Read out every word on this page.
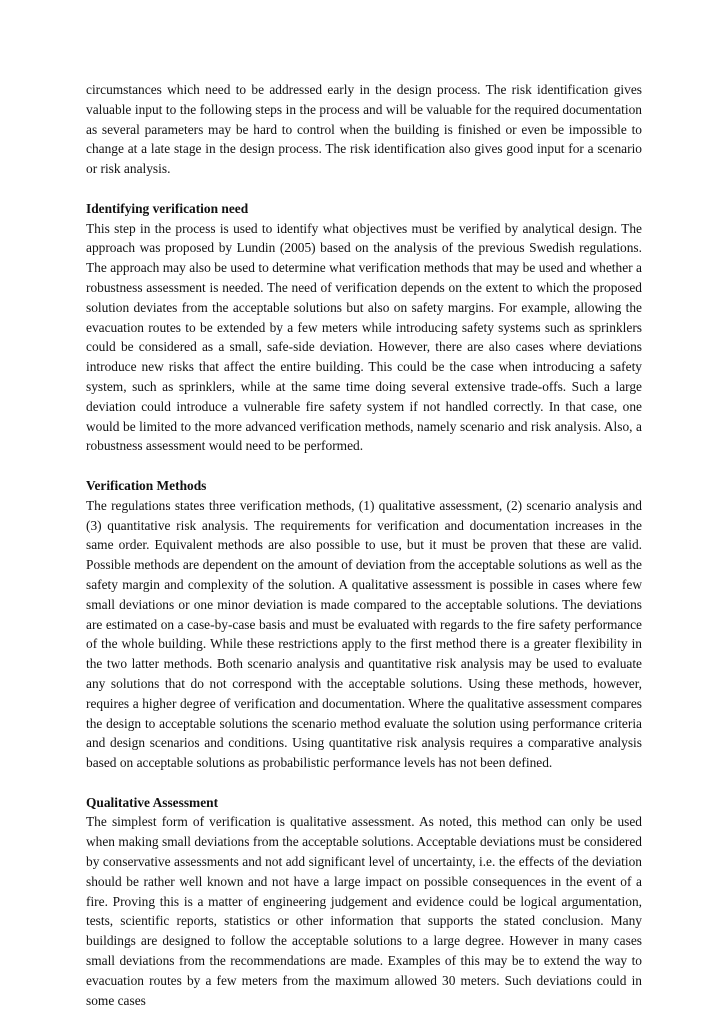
circumstances which need to be addressed early in the design process. The risk identification gives valuable input to the following steps in the process and will be valuable for the required documentation as several parameters may be hard to control when the building is finished or even be impossible to change at a late stage in the design process. The risk identification also gives good input for a scenario or risk analysis.

Identifying verification need

This step in the process is used to identify what objectives must be verified by analytical design. The approach was proposed by Lundin (2005) based on the analysis of the previous Swedish regulations. The approach may also be used to determine what verification methods that may be used and whether a robustness assessment is needed. The need of verification depends on the extent to which the proposed solution deviates from the acceptable solutions but also on safety margins. For example, allowing the evacuation routes to be extended by a few meters while introducing safety systems such as sprinklers could be considered as a small, safe-side deviation. However, there are also cases where deviations introduce new risks that affect the entire building. This could be the case when introducing a safety system, such as sprinklers, while at the same time doing several extensive trade-offs. Such a large deviation could introduce a vulnerable fire safety system if not handled correctly. In that case, one would be limited to the more advanced verification methods, namely scenario and risk analysis. Also, a robustness assessment would need to be performed.

Verification Methods

The regulations states three verification methods, (1) qualitative assessment, (2) scenario analysis and (3) quantitative risk analysis. The requirements for verification and documentation increases in the same order. Equivalent methods are also possible to use, but it must be proven that these are valid. Possible methods are dependent on the amount of deviation from the acceptable solutions as well as the safety margin and complexity of the solution. A qualitative assessment is possible in cases where few small deviations or one minor deviation is made compared to the acceptable solutions. The deviations are estimated on a case-by-case basis and must be evaluated with regards to the fire safety performance of the whole building. While these restrictions apply to the first method there is a greater flexibility in the two latter methods. Both scenario analysis and quantitative risk analysis may be used to evaluate any solutions that do not correspond with the acceptable solutions. Using these methods, however, requires a higher degree of verification and documentation. Where the qualitative assessment compares the design to acceptable solutions the scenario method evaluate the solution using performance criteria and design scenarios and conditions. Using quantitative risk analysis requires a comparative analysis based on acceptable solutions as probabilistic performance levels has not been defined.

Qualitative Assessment

The simplest form of verification is qualitative assessment. As noted, this method can only be used when making small deviations from the acceptable solutions. Acceptable deviations must be considered by conservative assessments and not add significant level of uncertainty, i.e. the effects of the deviation should be rather well known and not have a large impact on possible consequences in the event of a fire. Proving this is a matter of engineering judgement and evidence could be logical argumentation, tests, scientific reports, statistics or other information that supports the stated conclusion. Many buildings are designed to follow the acceptable solutions to a large degree. However in many cases small deviations from the recommendations are made. Examples of this may be to extend the way to evacuation routes by a few meters from the maximum allowed 30 meters. Such deviations could in some cases
